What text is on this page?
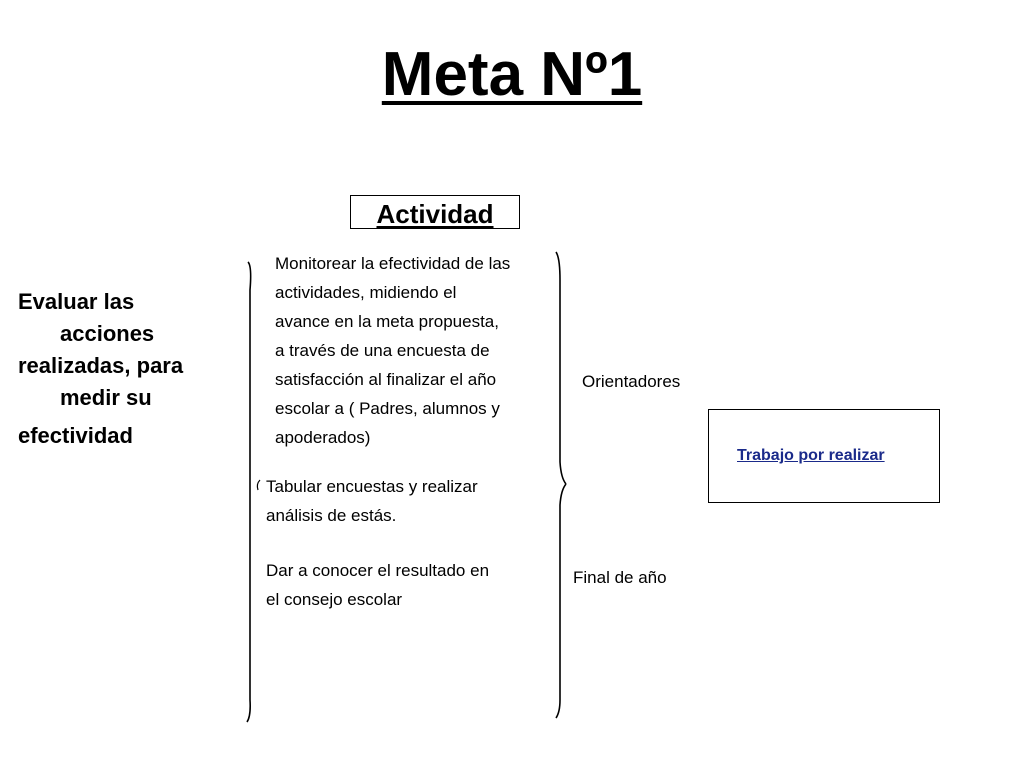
Meta Nº1
Actividad
Evaluar las
acciones
realizadas, para
medir su
efectividad
Monitorear la efectividad de las
actividades, midiendo el
avance en la meta propuesta,
a través de una encuesta de
satisfacción al finalizar el año
escolar a ( Padres, alumnos y
apoderados)
Tabular encuestas y realizar
análisis de estás.
Dar a conocer el resultado en
el consejo escolar
Orientadores
Final de año
Trabajo por realizar
